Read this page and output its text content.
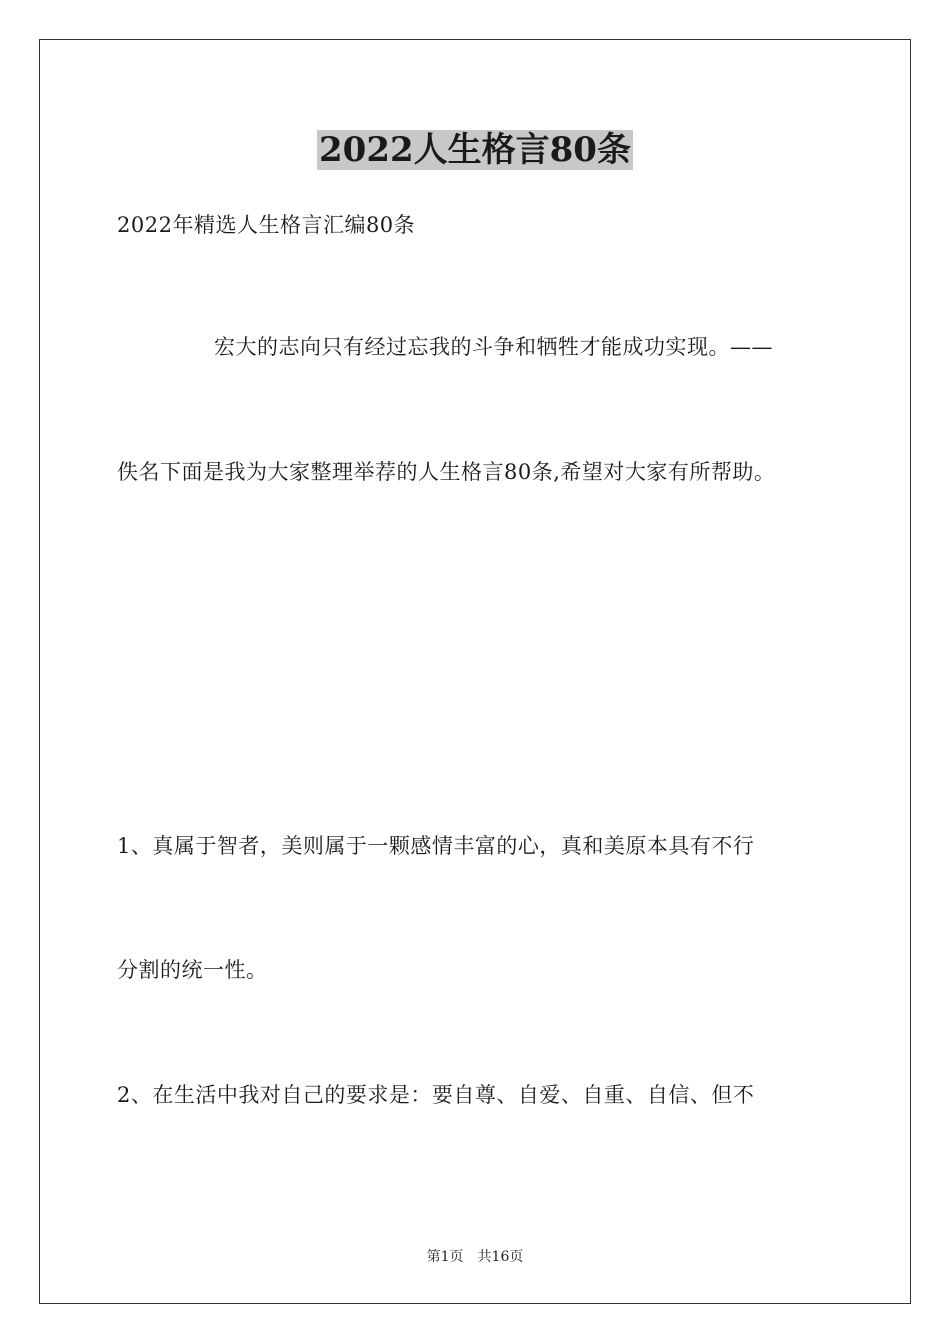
2022人生格言80条

2022年精选人生格言汇编80条

宏大的志向只有经过忘我的斗争和牺牲才能成功实现。——

佚名下面是我为大家整理举荐的人生格言80条,希望对大家有所帮助。

1、真属于智者，美则属于一颗感情丰富的心，真和美原本具有不行

分割的统一性。

2、在生活中我对自己的要求是：要自尊、自爱、自重、自信、但不

第1页 共16页
